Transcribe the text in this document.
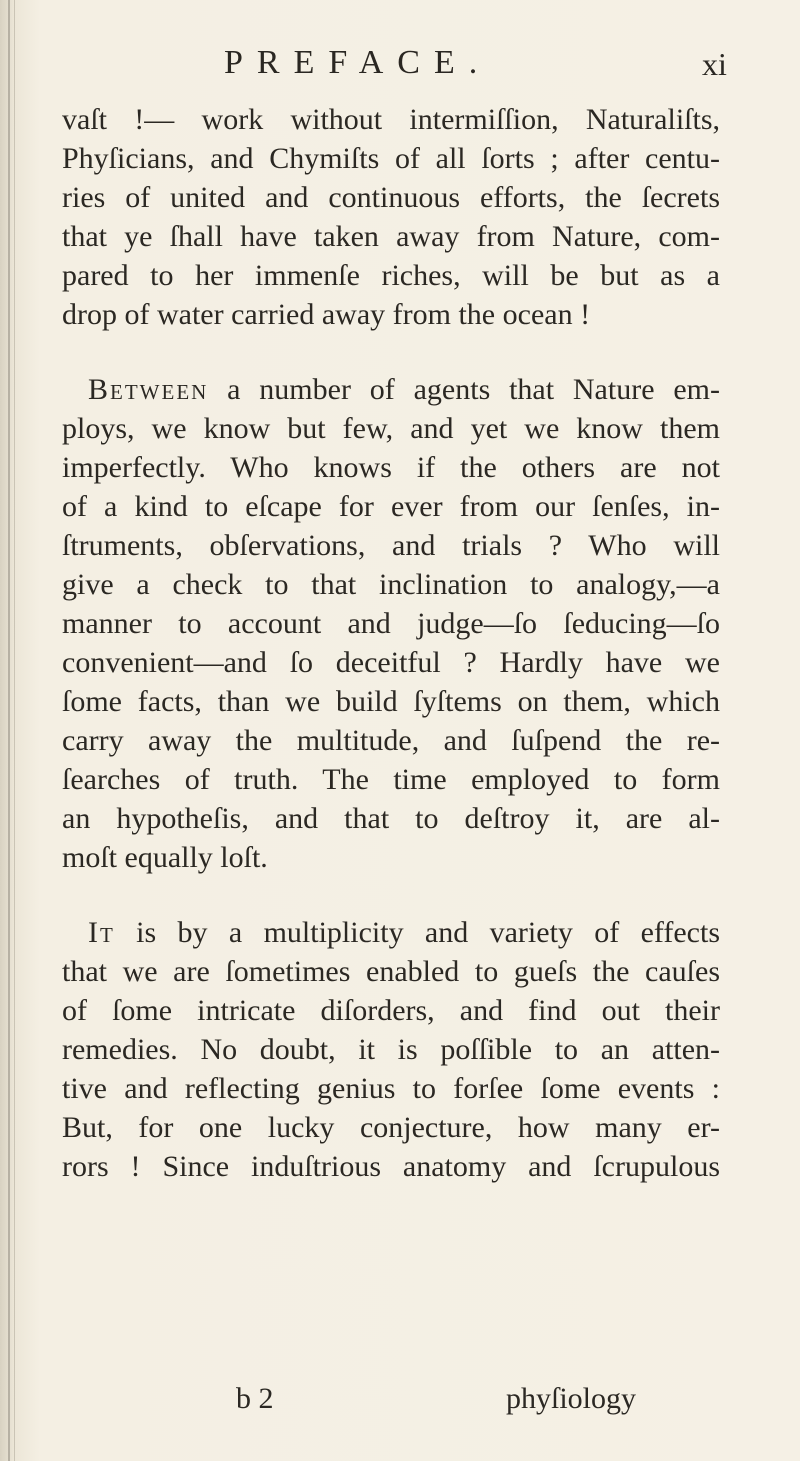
PREFACE.	xi
vaſt !— work without intermiſſion, Naturaliſts,
Phyſicians, and Chymiſts of all ſorts ; after centu-
ries of united and continuous efforts, the ſecrets
that ye ſhall have taken away from Nature, com-
pared to her immenſe riches, will be but as a
drop of water carried away from the ocean !
Between a number of agents that Nature em-
ploys, we know but few, and yet we know them
imperfectly. Who knows if the others are not
of a kind to eſcape for ever from our ſenſes, in-
ſtruments, obſervations, and trials ? Who will
give a check to that inclination to analogy,—a
manner to account and judge—ſo ſeducing—ſo
convenient—and ſo deceitful ? Hardly have we
ſome facts, than we build ſyſtems on them, which
carry away the multitude, and ſuſpend the re-
ſearches of truth. The time employed to form
an hypotheſis, and that to deſtroy it, are al-
moſt equally loſt.
It is by a multiplicity and variety of effects
that we are ſometimes enabled to gueſs the cauſes
of ſome intricate diſorders, and find out their
remedies. No doubt, it is poſſible to an atten-
tive and reflecting genius to forſee ſome events :
But, for one lucky conjecture, how many er-
rors ! Since induſtrious anatomy and ſcrupulous
b 2	phyſiology
